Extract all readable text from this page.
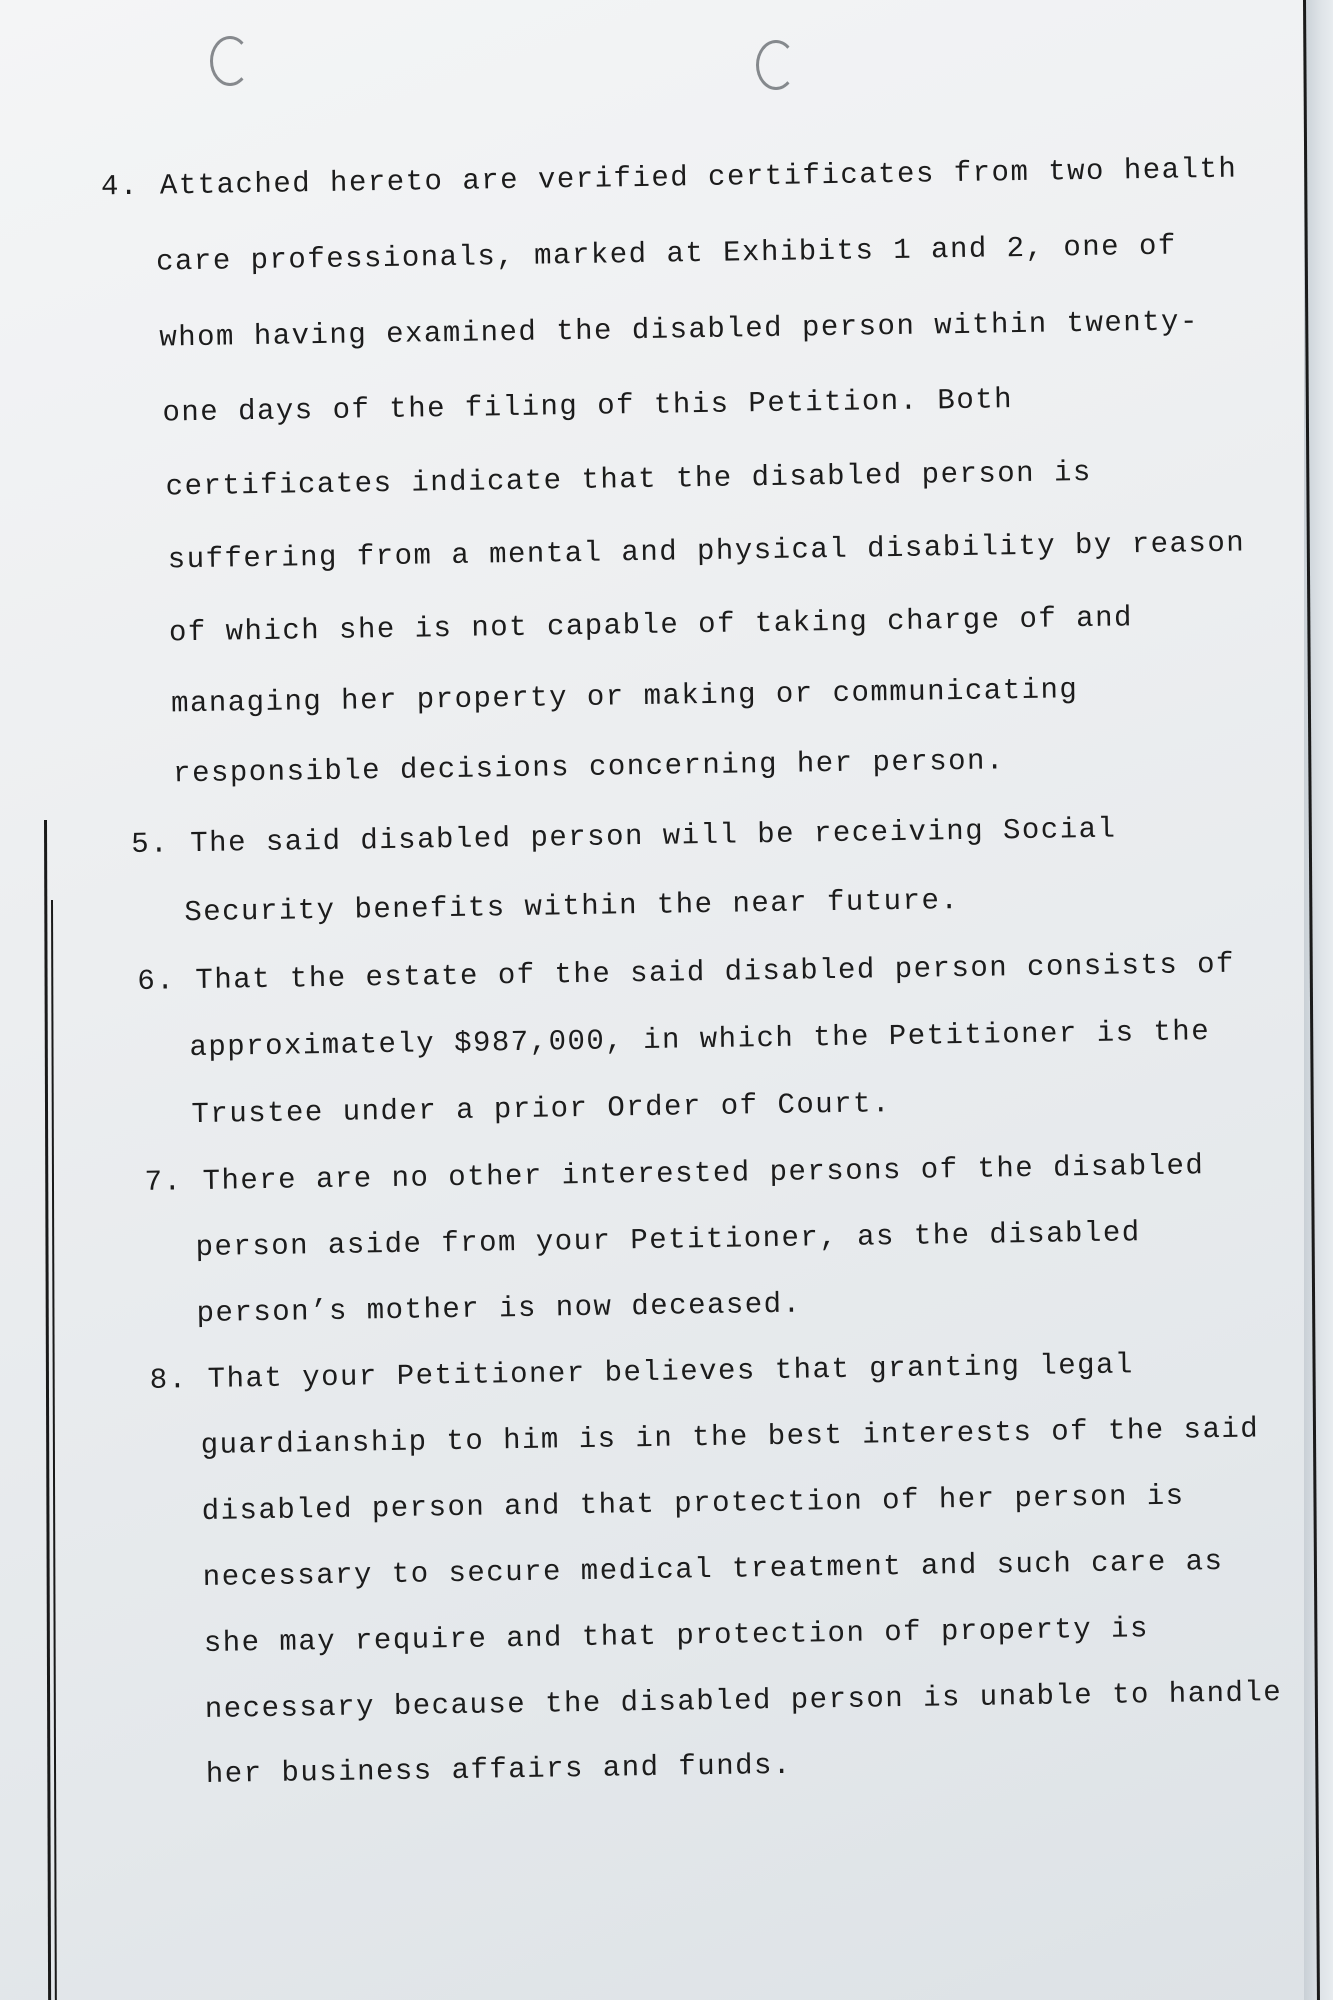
4. Attached hereto are verified certificates from two health
care professionals, marked at Exhibits 1 and 2, one of
whom having examined the disabled person within twenty-
one days of the filing of this Petition. Both
certificates indicate that the disabled person is
suffering from a mental and physical disability by reason
of which she is not capable of taking charge of and
managing her property or making or communicating
responsible decisions concerning her person.
5. The said disabled person will be receiving Social
Security benefits within the near future.
6. That the estate of the said disabled person consists of
approximately $987,000, in which the Petitioner is the
Trustee under a prior Order of Court.
7. There are no other interested persons of the disabled
person aside from your Petitioner, as the disabled
person’s mother is now deceased.
8. That your Petitioner believes that granting legal
guardianship to him is in the best interests of the said
disabled person and that protection of her person is
necessary to secure medical treatment and such care as
she may require and that protection of property is
necessary because the disabled person is unable to handle
her business affairs and funds.
